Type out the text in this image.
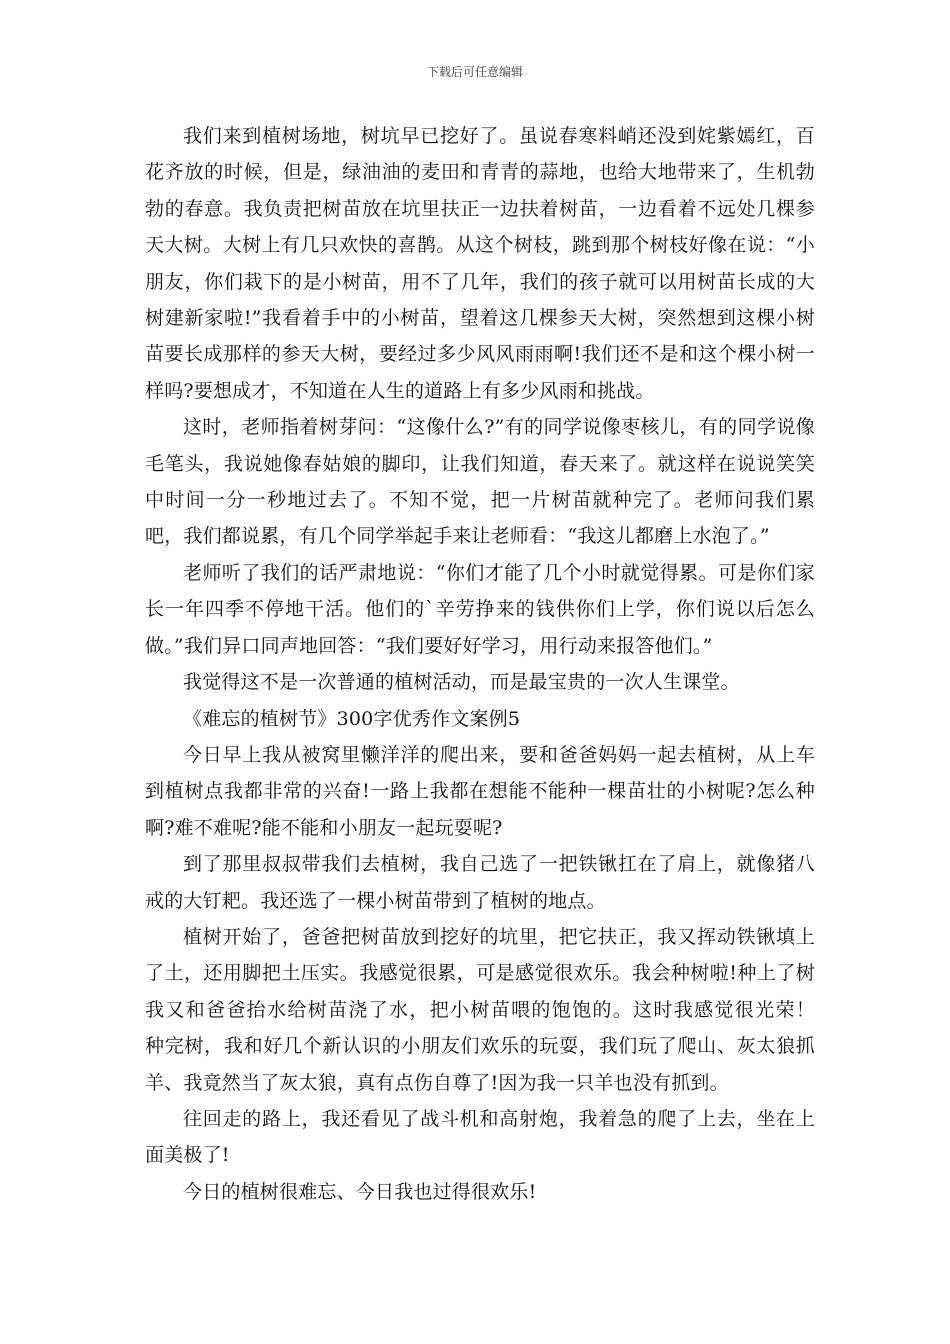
下载后可任意编辑

我们来到植树场地，树坑早已挖好了。虽说春寒料峭还没到姹紫嫣红，百花齐放的时候，但是，绿油油的麦田和青青的蒜地，也给大地带来了，生机勃勃的春意。我负责把树苗放在坑里扶正一边扶着树苗，一边看着不远处几棵参天大树。大树上有几只欢快的喜鹊。从这个树枝，跳到那个树枝好像在说：“小朋友，你们栽下的是小树苗，用不了几年，我们的孩子就可以用树苗长成的大树建新家啦!”我看着手中的小树苗，望着这几棵参天大树，突然想到这棵小树苗要长成那样的参天大树，要经过多少风风雨雨啊!我们还不是和这个棵小树一样吗?要想成才，不知道在人生的道路上有多少风雨和挑战。

这时，老师指着树芽问：“这像什么?”有的同学说像枣核儿，有的同学说像毛笔头，我说她像春姑娘的脚印，让我们知道，春天来了。就这样在说说笑笑中时间一分一秒地过去了。不知不觉，把一片树苗就种完了。老师问我们累吧，我们都说累，有几个同学举起手来让老师看：“我这儿都磨上水泡了。”

老师听了我们的话严肃地说：“你们才能了几个小时就觉得累。可是你们家长一年四季不停地干活。他们的`辛劳挣来的钱供你们上学，你们说以后怎么做。”我们异口同声地回答：“我们要好好学习，用行动来报答他们。”

我觉得这不是一次普通的植树活动，而是最宝贵的一次人生课堂。

《难忘的植树节》300字优秀作文案例5

今日早上我从被窝里懒洋洋的爬出来，要和爸爸妈妈一起去植树，从上车到植树点我都非常的兴奋!一路上我都在想能不能种一棵苗壮的小树呢?怎么种啊?难不难呢?能不能和小朋友一起玩耍呢?

到了那里叔叔带我们去植树，我自己选了一把铁锹扛在了肩上，就像猪八戒的大钉耙。我还选了一棵小树苗带到了植树的地点。

植树开始了，爸爸把树苗放到挖好的坑里，把它扶正，我又挥动铁锹填上了土，还用脚把土压实。我感觉很累，可是感觉很欢乐。我会种树啦!种上了树我又和爸爸抬水给树苗浇了水，把小树苗喂的饱饱的。这时我感觉很光荣！　　种完树，我和好几个新认识的小朋友们欢乐的玩耍，我们玩了爬山、灰太狼抓羊、我竟然当了灰太狼，真有点伤自尊了!因为我一只羊也没有抓到。

往回走的路上，我还看见了战斗机和高射炮，我着急的爬了上去，坐在上面美极了!

今日的植树很难忘、今日我也过得很欢乐!
